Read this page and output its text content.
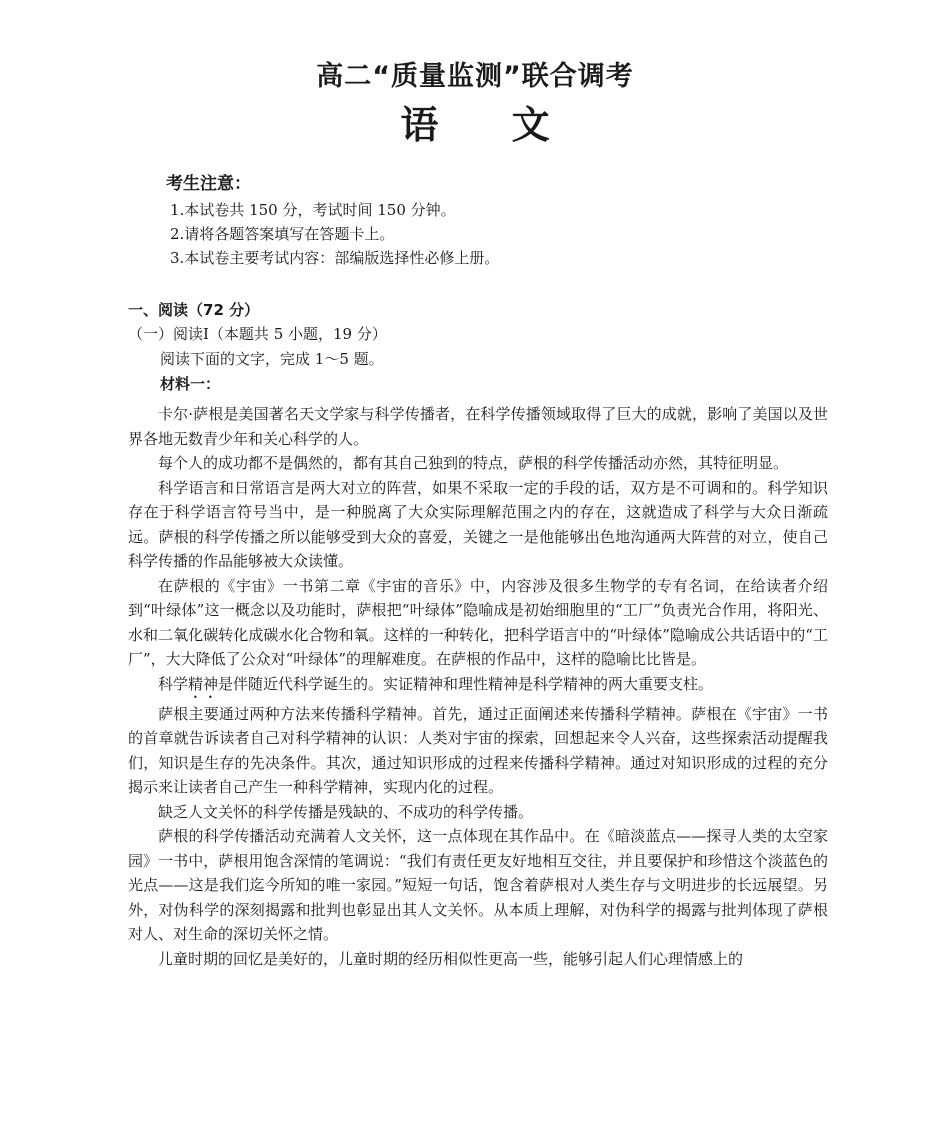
高二“质量监测”联合调考
语 文
考生注意：
1.本试卷共 150 分，考试时间 150 分钟。
2.请将各题答案填写在答题卡上。
3.本试卷主要考试内容：部编版选择性必修上册。
一、阅读（72 分）
（一）阅读Ⅰ（本题共 5 小题，19 分）
阅读下面的文字，完成 1～5 题。
材料一：

卡尔·萨根是美国著名天文学家与科学传播者，在科学传播领域取得了巨大的成就，影响了美国以及世界各地无数青少年和关心科学的人。

每个人的成功都不是偶然的，都有其自己独到的特点，萨根的科学传播活动亦然，其特征明显。

科学语言和日常语言是两大对立的阵营，如果不采取一定的手段的话，双方是不可调和的。科学知识存在于科学语言符号当中，是一种脱离了大众实际理解范围之内的存在，这就造成了科学与大众日渐疏远。萨根的科学传播之所以能够受到大众的喜爱，关键之一是他能够出色地沟通两大阵营的对立，使自己科学传播的作品能够被大众读懂。

在萨根的《宇宙》一书第二章《宇宙的音乐》中，内容涉及很多生物学的专有名词，在给读者介绍到“叶绿体”这一概念以及功能时，萨根把“叶绿体”隐喻成是初始细胞里的“工厂”负责光合作用，将阳光、水和二氧化碳转化成碳水化合物和氧。这样的一种转化，把科学语言中的“叶绿体”隐喻成公共话语中的“工厂”，大大降低了公众对“叶绿体”的理解难度。在萨根的作品中，这样的隐喻比比皆是。

科学精神是伴随近代科学诞生的。实证精神和理性精神是科学精神的两大重要支柱。

萨根主要通过两种方法来传播科学精神。首先，通过正面阐述来传播科学精神。萨根在《宇宙》一书的首章就告诉读者自己对科学精神的认识：人类对宇宙的探索，回想起来令人兴奋，这些探索活动提醒我们，知识是生存的先决条件。其次，通过知识形成的过程来传播科学精神。通过对知识形成的过程的充分揭示来让读者自己产生一种科学精神，实现内化的过程。

缺乏人文关怀的科学传播是残缺的、不成功的科学传播。

萨根的科学传播活动充满着人文关怀，这一点体现在其作品中。在《暗淡蓝点——探寻人类的太空家园》一书中，萨根用饱含深情的笔调说：“我们有责任更友好地相互交往，并且要保护和珍惜这个淡蓝色的光点——这是我们迄今所知的唯一家园。”短短一句话，饱含着萨根对人类生存与文明进步的长远展望。另外，对伪科学的深刻揭露和批判也彰显出其人文关怀。从本质上理解，对伪科学的揭露与批判体现了萨根对人、对生命的深切关怀之情。

儿童时期的回忆是美好的，儿童时期的经历相似性更高一些，能够引起人们心理情感上的
